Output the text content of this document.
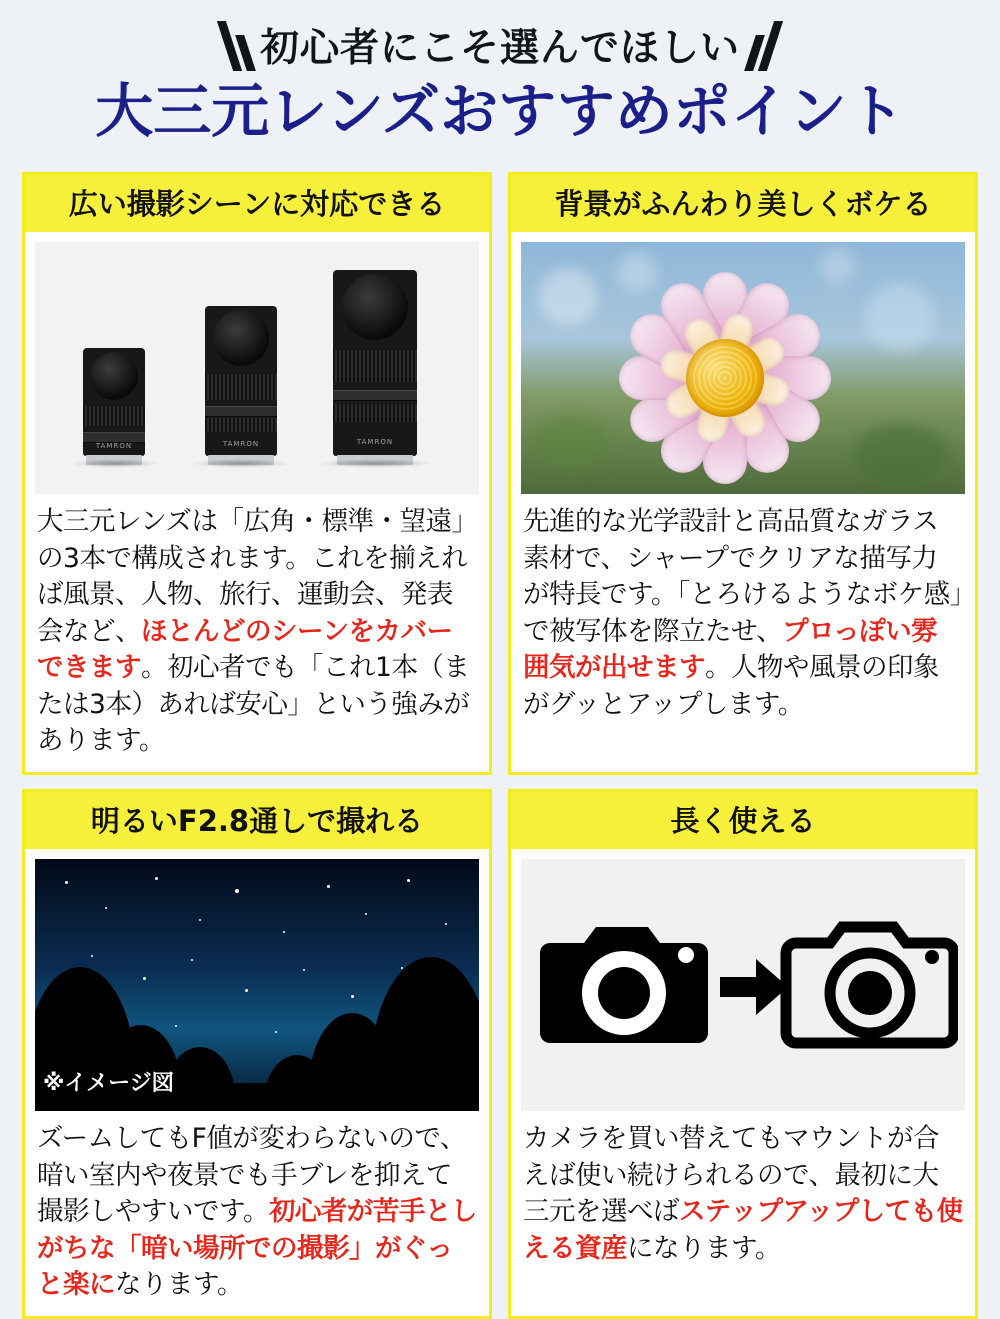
初心者にこそ選んでほしい
大三元レンズおすすめポイント
広い撮影シーンに対応できる
TAMRON	TAMRON	TAMRON
大三元レンズは「広角・標準・望遠」の3本で構成されます。これを揃えれば風景、人物、旅行、運動会、発表会など、ほとんどのシーンをカバーできます。初心者でも「これ1本（または3本）あれば安心」という強みがあります。
背景がふんわり美しくボケる
先進的な光学設計と高品質なガラス素材で、シャープでクリアな描写力が特長です。「とろけるようなボケ感」で被写体を際立たせ、プロっぽい雰囲気が出せます。人物や風景の印象がグッとアップします。
明るいF2.8通しで撮れる
※イメージ図
ズームしてもF値が変わらないので、暗い室内や夜景でも手ブレを抑えて撮影しやすいです。初心者が苦手としがちな「暗い場所での撮影」がぐっと楽になります。
長く使える
カメラを買い替えてもマウントが合えば使い続けられるので、最初に大三元を選べばステップアップしても使える資産になります。
